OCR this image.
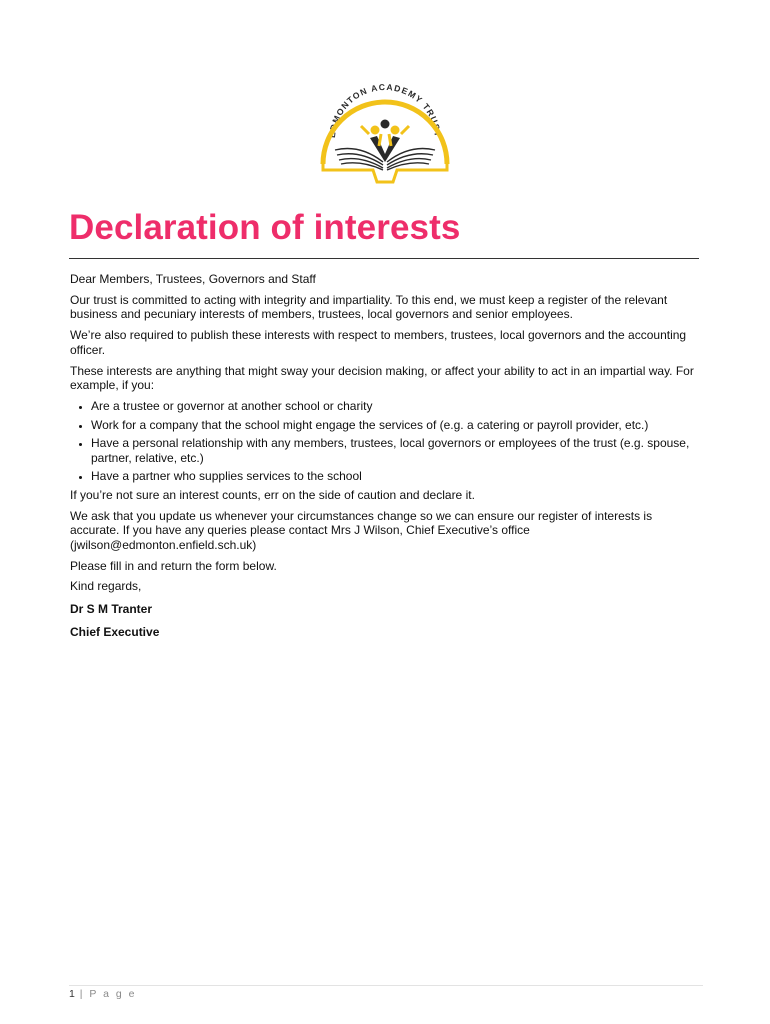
EDMONTON ACADEMY TRUST
Declaration of interests

Dear Members, Trustees, Governors and Staff

Our trust is committed to acting with integrity and impartiality. To this end, we must keep a register of the relevant business and pecuniary interests of members, trustees, local governors and senior employees.

We’re also required to publish these interests with respect to members, trustees, local governors and the accounting officer.

These interests are anything that might sway your decision making, or affect your ability to act in an impartial way. For example, if you:

• Are a trustee or governor at another school or charity
• Work for a company that the school might engage the services of (e.g. a catering or payroll provider, etc.)
• Have a personal relationship with any members, trustees, local governors or employees of the trust (e.g. spouse, partner, relative, etc.)
• Have a partner who supplies services to the school

If you’re not sure an interest counts, err on the side of caution and declare it.

We ask that you update us whenever your circumstances change so we can ensure our register of interests is accurate. If you have any queries please contact Mrs J Wilson, Chief Executive’s office (jwilson@edmonton.enfield.sch.uk)

Please fill in and return the form below.

Kind regards,

Dr S M Tranter

Chief Executive

1 | P a g e
